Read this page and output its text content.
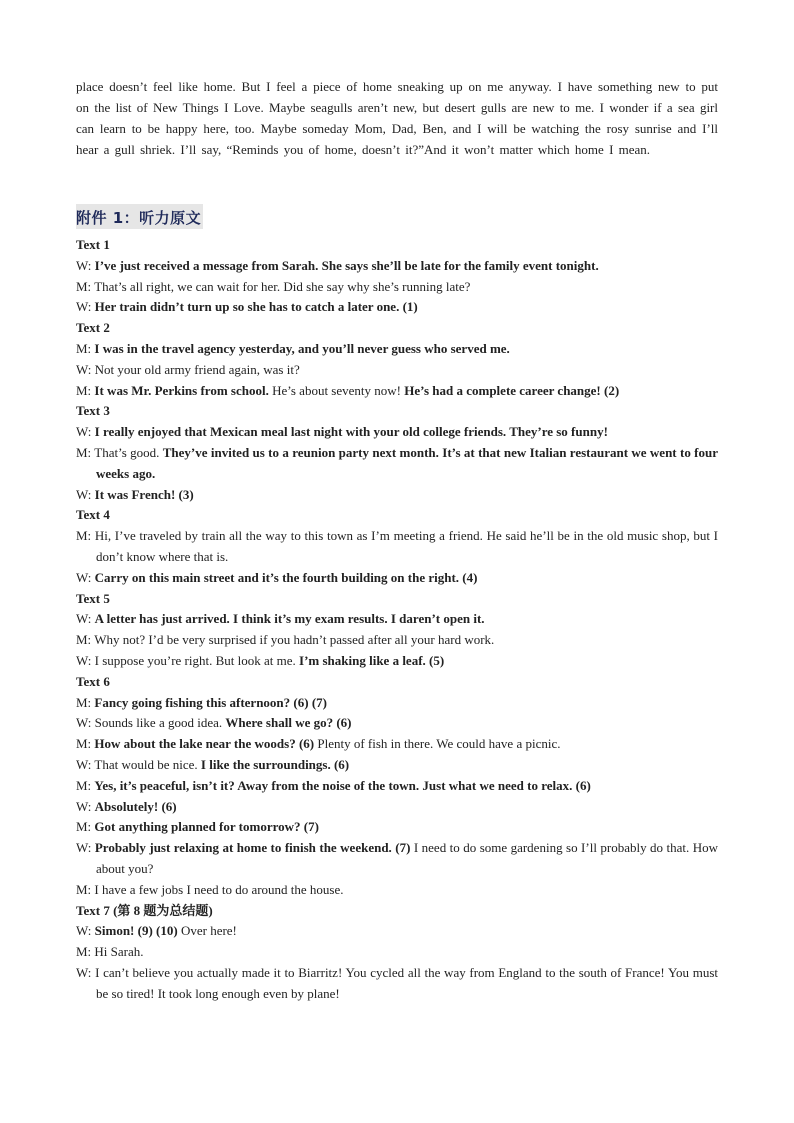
place doesn’t feel like home. But I feel a piece of home sneaking up on me anyway. I have something new to put on the list of New Things I Love. Maybe seagulls aren’t new, but desert gulls are new to me. I wonder if a sea girl can learn to be happy here, too. Maybe someday Mom, Dad, Ben, and I will be watching the rosy sunrise and I’ll hear a gull shriek. I’ll say, “Reminds you of home, doesn’t it?”And it won’t matter which home I mean.

附件 1：听力原文
Text 1
W: I’ve just received a message from Sarah. She says she’ll be late for the family event tonight.
M: That’s all right, we can wait for her. Did she say why she’s running late?
W: Her train didn’t turn up so she has to catch a later one. (1)
Text 2
M: I was in the travel agency yesterday, and you’ll never guess who served me.
W: Not your old army friend again, was it?
M: It was Mr. Perkins from school. He’s about seventy now! He’s had a complete career change! (2)
Text 3
W: I really enjoyed that Mexican meal last night with your old college friends. They’re so funny!
M: That’s good. They’ve invited us to a reunion party next month. It’s at that new Italian restaurant we went to four weeks ago.
W: It was French! (3)
Text 4
M: Hi, I’ve traveled by train all the way to this town as I’m meeting a friend. He said he’ll be in the old music shop, but I don’t know where that is.
W: Carry on this main street and it’s the fourth building on the right. (4)
Text 5
W: A letter has just arrived. I think it’s my exam results. I daren’t open it.
M: Why not? I’d be very surprised if you hadn’t passed after all your hard work.
W: I suppose you’re right. But look at me. I’m shaking like a leaf. (5)
Text 6
M: Fancy going fishing this afternoon? (6) (7)
W: Sounds like a good idea. Where shall we go? (6)
M: How about the lake near the woods? (6) Plenty of fish in there. We could have a picnic.
W: That would be nice. I like the surroundings. (6)
M: Yes, it’s peaceful, isn’t it? Away from the noise of the town. Just what we need to relax. (6)
W: Absolutely! (6)
M: Got anything planned for tomorrow? (7)
W: Probably just relaxing at home to finish the weekend. (7) I need to do some gardening so I’ll probably do that. How about you?
M: I have a few jobs I need to do around the house.
Text 7 (第 8 题为总结题)
W: Simon! (9) (10) Over here!
M: Hi Sarah.
W: I can’t believe you actually made it to Biarritz! You cycled all the way from England to the south of France! You must be so tired! It took long enough even by plane!
